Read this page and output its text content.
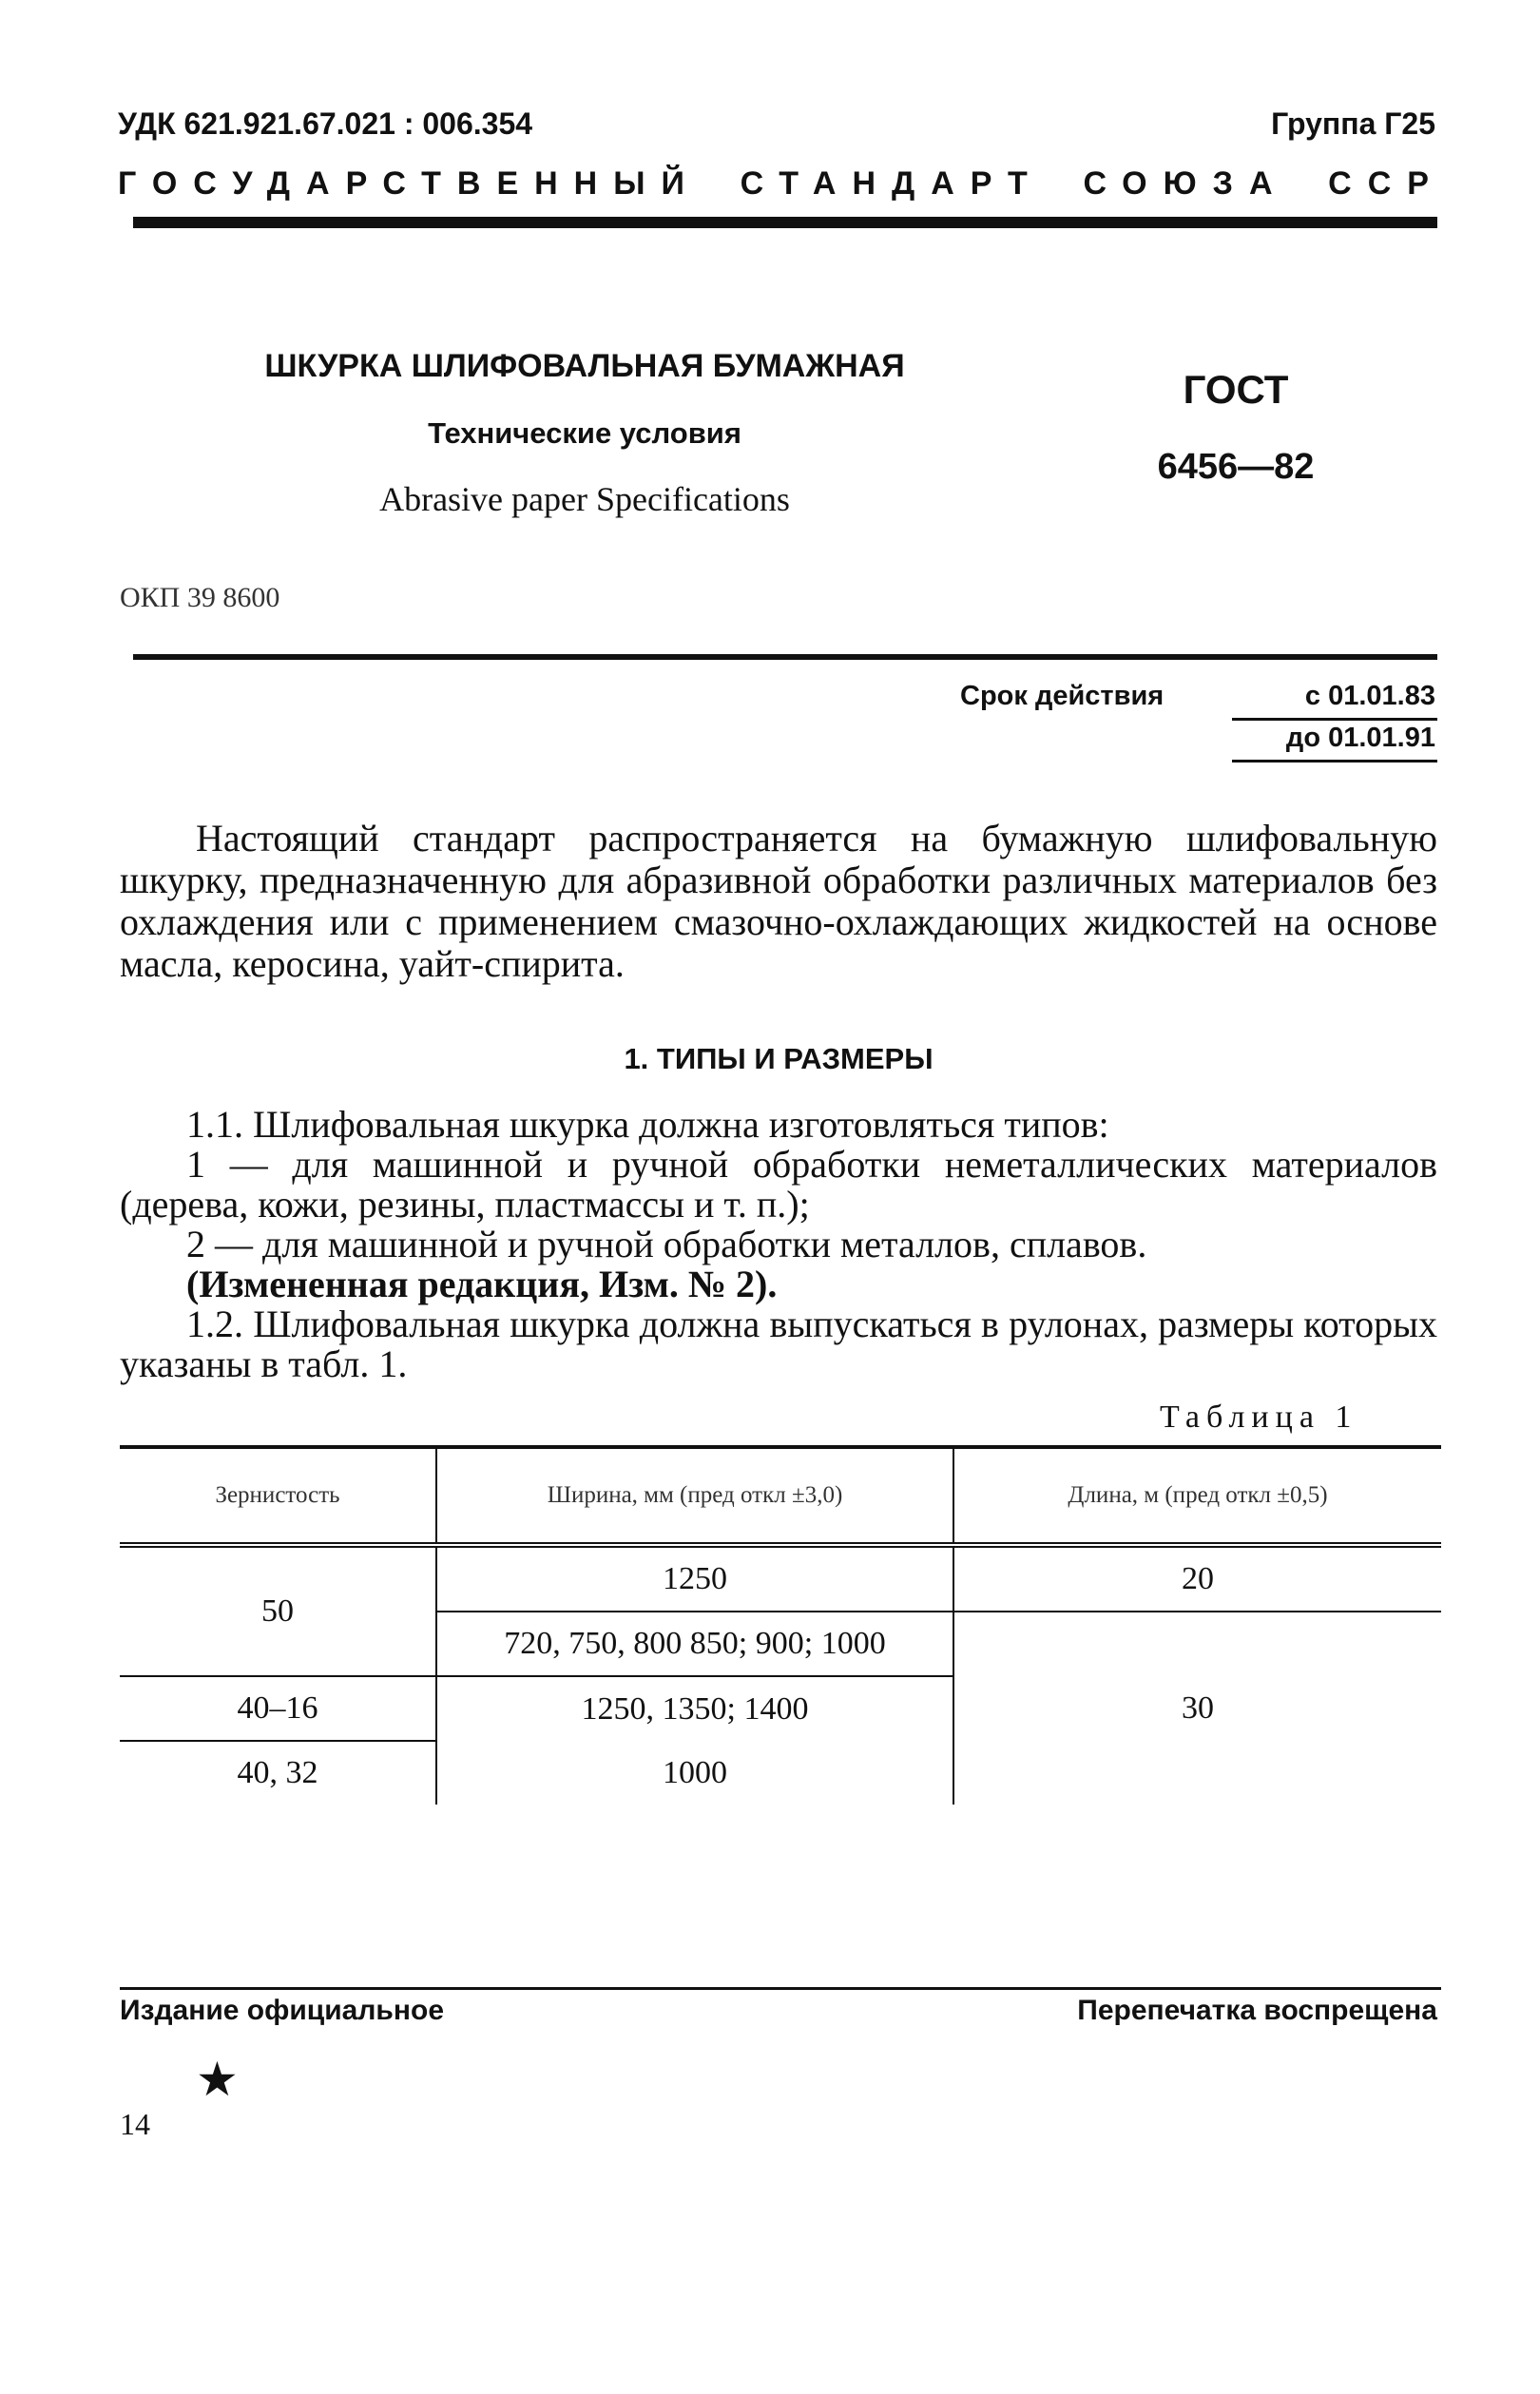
УДК 621.921.67.021 : 006.354	Группа Г25
ГОСУДАРСТВЕННЫЙ СТАНДАРТ СОЮЗА ССР
ШКУРКА ШЛИФОВАЛЬНАЯ БУМАЖНАЯ
Технические условия
Abrasive paper Specifications
ГОСТ
6456—82
ОКП 39 8600
Срок действия	с 01.01.83
до 01.01.91
Настоящий стандарт распространяется на бумажную шлифовальную шкурку, предназначенную для абразивной обработки различных материалов без охлаждения или с применением смазочно-охлаждающих жидкостей на основе масла, керосина, уайт-спирита.
1. ТИПЫ И РАЗМЕРЫ
1.1. Шлифовальная шкурка должна изготовляться типов:
1 — для машинной и ручной обработки неметаллических материалов (дерева, кожи, резины, пластмассы и т. п.);
2 — для машинной и ручной обработки металлов, сплавов.
(Измененная редакция, Изм. № 2).
1.2. Шлифовальная шкурка должна выпускаться в рулонах, размеры которых указаны в табл. 1.
Таблица 1
Зернистость	Ширина, мм (пред откл ±3,0)	Длина, м (пред откл ±0,5)
50	1250	20
	720, 750, 800 850; 900; 1000	30
40–16	1250, 1350; 1400	
40, 32	1000	
Издание официальное	Перепечатка воспрещена
★
14
